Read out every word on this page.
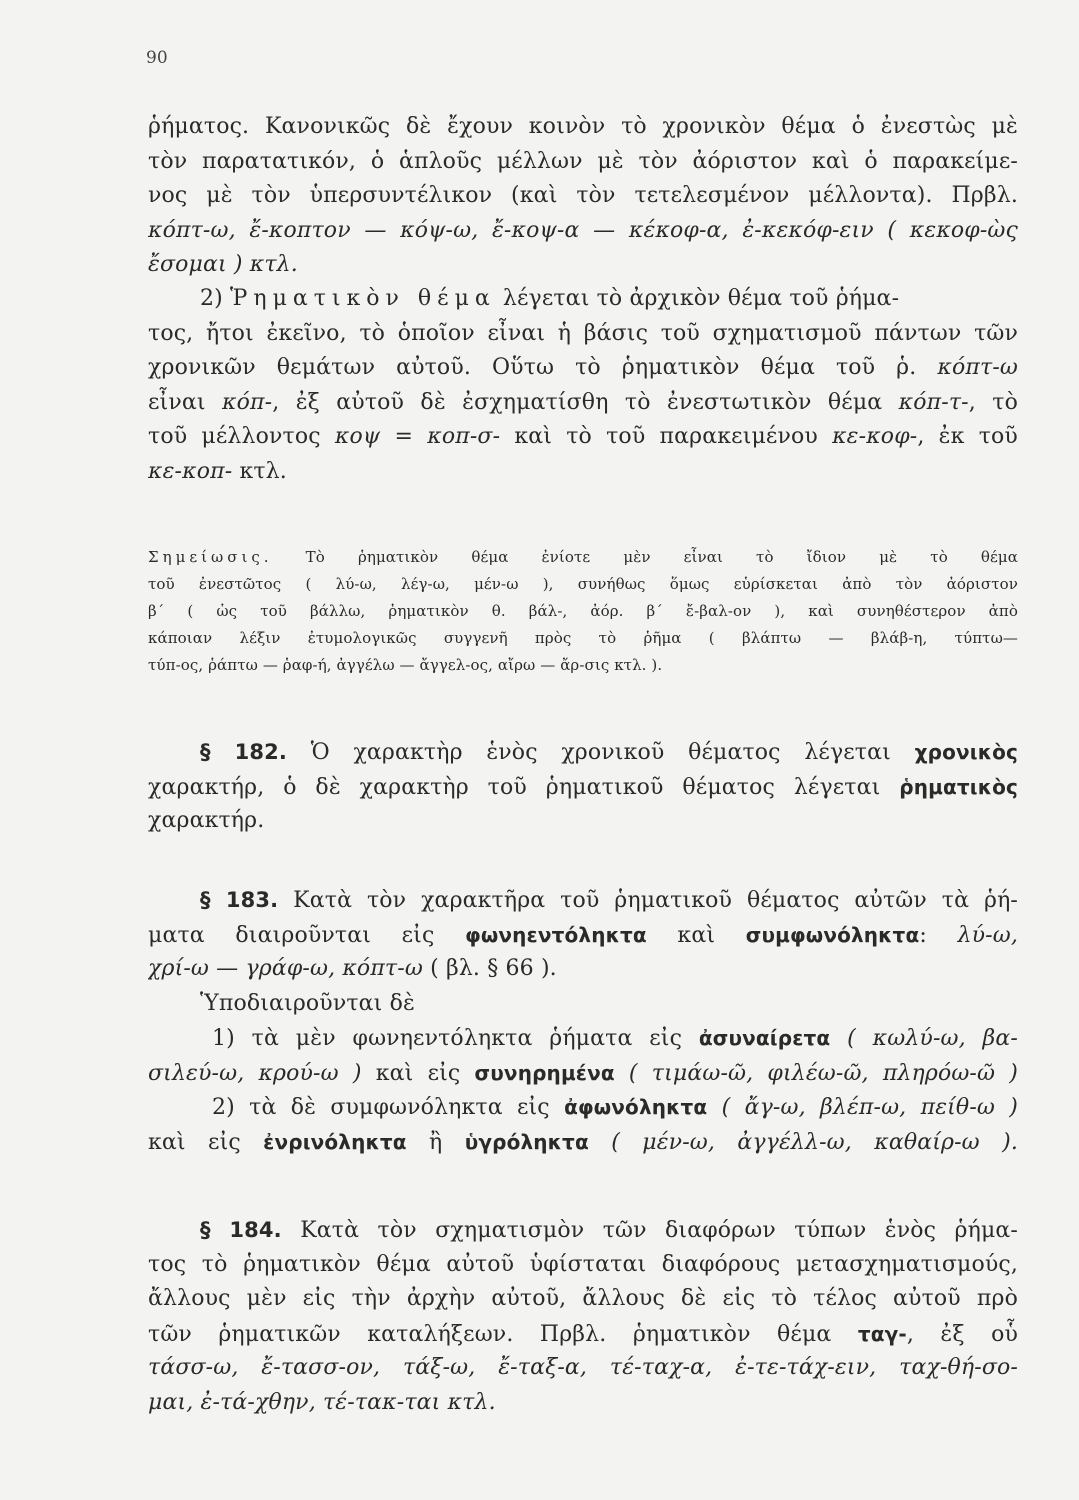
90
ῥήματος. Κανονικῶς δὲ ἔχουν κοινὸν τὸ χρονικὸν θέμα ὁ ἐνεστὼς μὲ
τὸν παρατατικόν, ὁ ἁπλοῦς μέλλων μὲ τὸν ἀόριστον καὶ ὁ παρακείμε-
νος μὲ τὸν ὑπερσυντέλικον (καὶ τὸν τετελεσμένον μέλλοντα). Πρβλ.
κόπτ-ω, ἔ-κοπτον — κόψ-ω, ἔ-κοψ-α — κέκοφ-α, ἐ-κεκόφ-ειν ( κεκοφ-ὼς
ἔσομαι ) κτλ.
2) Ῥηματικὸν θέμα λέγεται τὸ ἀρχικὸν θέμα τοῦ ῥήμα-
τος, ἤτοι ἐκεῖνο, τὸ ὁποῖον εἶναι ἡ βάσις τοῦ σχηματισμοῦ πάντων τῶν
χρονικῶν θεμάτων αὐτοῦ. Οὕτω τὸ ῥηματικὸν θέμα τοῦ ῥ. κόπτ-ω
εἶναι κόπ-, ἐξ αὐτοῦ δὲ ἐσχηματίσθη τὸ ἐνεστωτικὸν θέμα κόπ-τ-, τὸ
τοῦ μέλλοντος κοψ = κοπ-σ- καὶ τὸ τοῦ παρακειμένου κε-κοφ-, ἐκ τοῦ
κε-κοπ- κτλ.
Σημείωσις. Τὸ ῥηματικὸν θέμα ἐνίοτε μὲν εἶναι τὸ ἴδιον μὲ τὸ θέμα
τοῦ ἐνεστῶτος ( λύ-ω, λέγ-ω, μέν-ω ), συνήθως ὅμως εὑρίσκεται ἀπὸ τὸν ἀόριστον
β΄ ( ὡς τοῦ βάλλω, ῥηματικὸν θ. βάλ-, ἀόρ. β΄ ἔ-βαλ-ον ), καὶ συνηθέστερον ἀπὸ
κάποιαν λέξιν ἐτυμολογικῶς συγγενῆ πρὸς τὸ ῥῆμα ( βλάπτω — βλάβ-η, τύπτω—
τύπ-ος, ῥάπτω — ῥαφ-ή, ἀγγέλω — ἄγγελ-ος, αἴρω — ἄρ-σις κτλ. ).
§ 182. Ὁ χαρακτὴρ ἑνὸς χρονικοῦ θέματος λέγεται χρονικὸς
χαρακτήρ, ὁ δὲ χαρακτὴρ τοῦ ῥηματικοῦ θέματος λέγεται ῥηματικὸς
χαρακτήρ.
§ 183. Κατὰ τὸν χαρακτῆρα τοῦ ῥηματικοῦ θέματος αὐτῶν τὰ ῥή-
ματα διαιροῦνται εἰς φωνηεντόληκτα καὶ συμφωνόληκτα: λύ-ω,
χρί-ω — γράφ-ω, κόπτ-ω ( βλ. § 66 ).
Ὑποδιαιροῦνται δὲ
1) τὰ μὲν φωνηεντόληκτα ῥήματα εἰς ἀσυναίρετα ( κωλύ-ω, βα-
σιλεύ-ω, κρού-ω ) καὶ εἰς συνηρημένα ( τιμάω-ῶ, φιλέω-ῶ, πληρόω-ῶ )
2) τὰ δὲ συμφωνόληκτα εἰς ἀφωνόληκτα ( ἄγ-ω, βλέπ-ω, πείθ-ω )
καὶ εἰς ἐνρινόληκτα ἢ ὑγρόληκτα ( μέν-ω, ἀγγέλλ-ω, καθαίρ-ω ).
§ 184. Κατὰ τὸν σχηματισμὸν τῶν διαφόρων τύπων ἑνὸς ῥήμα-
τος τὸ ῥηματικὸν θέμα αὐτοῦ ὑφίσταται διαφόρους μετασχηματισμούς,
ἄλλους μὲν εἰς τὴν ἀρχὴν αὐτοῦ, ἄλλους δὲ εἰς τὸ τέλος αὐτοῦ πρὸ
τῶν ῥηματικῶν καταλήξεων. Πρβλ. ῥηματικὸν θέμα ταγ-, ἐξ οὗ
τάσσ-ω, ἔ-τασσ-ον, τάξ-ω, ἔ-ταξ-α, τέ-ταχ-α, ἐ-τε-τάχ-ειν, ταχ-θή-σο-
μαι, ἐ-τά-χθην, τέ-τακ-ται κτλ.
